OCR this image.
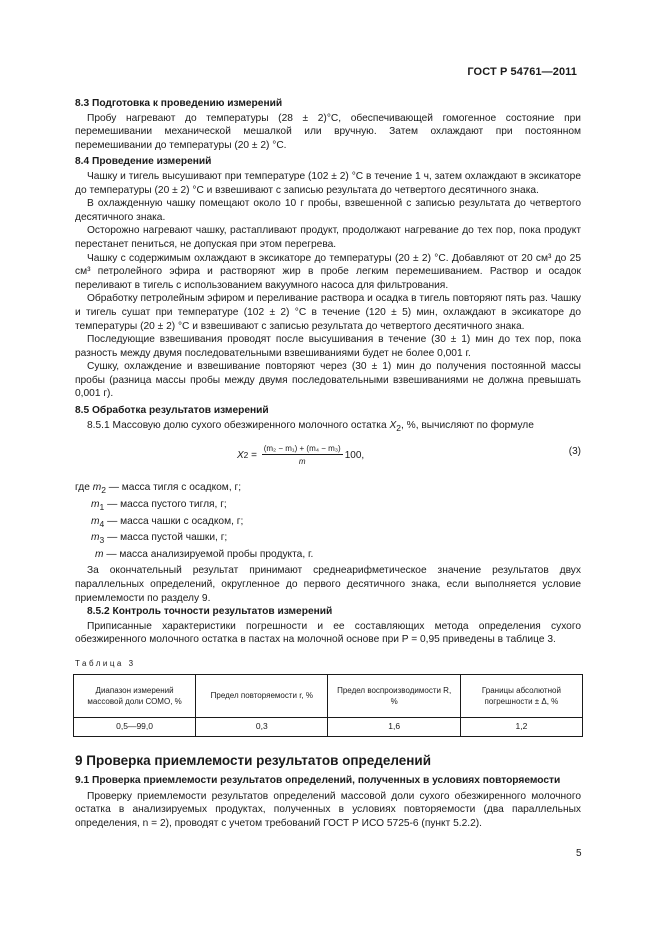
ГОСТ Р 54761—2011
8.3 Подготовка к проведению измерений

Пробу нагревают до температуры (28 ± 2)°С, обеспечивающей гомогенное состояние при перемешивании механической мешалкой или вручную. Затем охлаждают при постоянном перемешивании до температуры (20 ± 2) °С.

8.4 Проведение измерений

Чашку и тигель высушивают при температуре (102 ± 2) °С в течение 1 ч, затем охлаждают в эксикаторе до температуры (20 ± 2) °С и взвешивают с записью результата до четвертого десятичного знака.

В охлажденную чашку помещают около 10 г пробы, взвешенной с записью результата до четвертого десятичного знака.

Осторожно нагревают чашку, растапливают продукт, продолжают нагревание до тех пор, пока продукт перестанет пениться, не допуская при этом перегрева.

Чашку с содержимым охлаждают в эксикаторе до температуры (20 ± 2) °С. Добавляют от 20 см³ до 25 см³ петролейного эфира и растворяют жир в пробе легким перемешиванием. Раствор и осадок переливают в тигель с использованием вакуумного насоса для фильтрования.

Обработку петролейным эфиром и переливание раствора и осадка в тигель повторяют пять раз. Чашку и тигель сушат при температуре (102 ± 2) °С в течение (120 ± 5) мин, охлаждают в эксикаторе до температуры (20 ± 2) °С и взвешивают с записью результата до четвертого десятичного знака.

Последующие взвешивания проводят после высушивания в течение (30 ± 1) мин до тех пор, пока разность между двумя последовательными взвешиваниями будет не более 0,001 г.

Сушку, охлаждение и взвешивание повторяют через (30 ± 1) мин до получения постоянной массы пробы (разница массы пробы между двумя последовательными взвешиваниями не должна превышать 0,001 г).

8.5 Обработка результатов измерений

8.5.1 Массовую долю сухого обезжиренного молочного остатка $X_2$, %, вычисляют по формуле

X $2 = \frac{\text{(m₂ − m₁) + (m₄ − m₃)}}{m} 100$,	(3)
где $m_2$ — масса тигля с осадком, г;
$m_1$ — масса пустого тигля, г;
$m_4$ — масса чашки с осадком, г;
$m_3$ — масса пустой чашки, г;
m — масса анализируемой пробы продукта, г.

За окончательный результат принимают среднеарифметическое значение результатов двух параллельных определений, округленное до первого десятичного знака, если выполняется условие приемлемости по разделу 9.

8.5.2 Контроль точности результатов измерений

Приписанные характеристики погрешности и ее составляющих метода определения сухого обезжиренного молочного остатка в пастах на молочной основе при P = 0,95 приведены в таблице 3.

Таблица 3
Диапазон измерений массовой доли СОМО, %	Предел повторяемости r, %	Предел воспроизводимости R, %	Границы абсолютной погрешности ± Δ, %
0,5—99,0	0,3	1,6	1,2
9 Проверка приемлемости результатов определений
9.1 Проверка приемлемости результатов определений, полученных в условиях повторяемости

Проверку приемлемости результатов определений массовой доли сухого обезжиренного молочного остатка в анализируемых продуктах, полученных в условиях повторяемости (два параллельных определения, n = 2), проводят с учетом требований ГОСТ Р ИСО 5725-6 (пункт 5.2.2).

5
